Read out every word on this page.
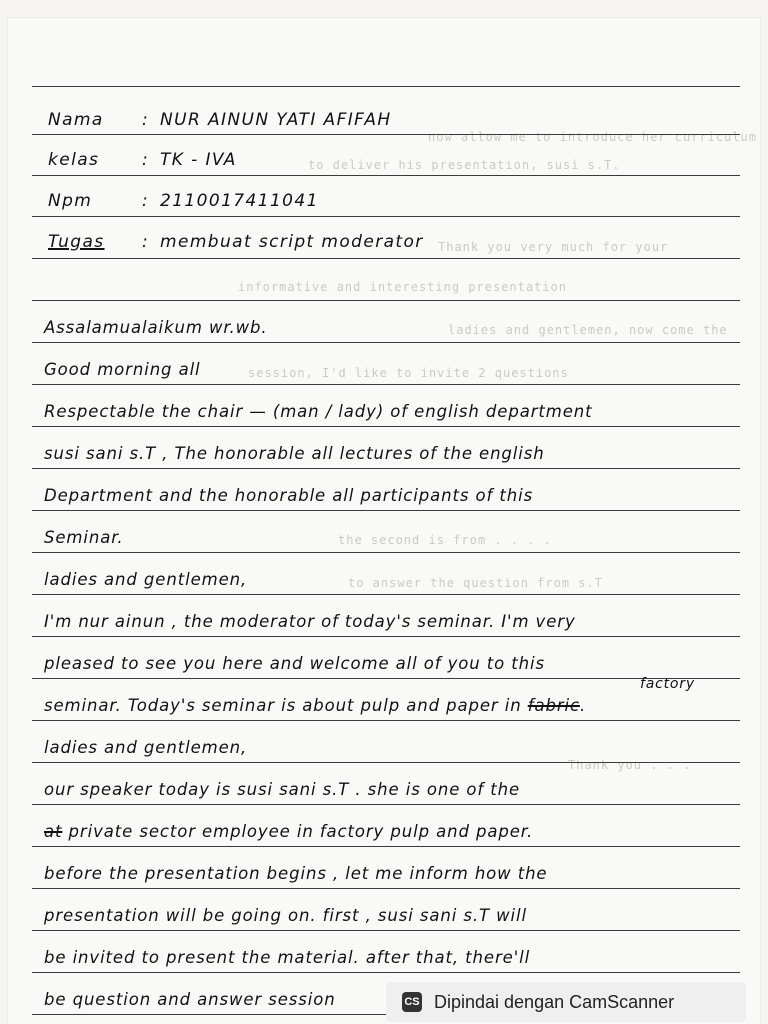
now allow me to introduce her curriculum
to deliver his presentation, susi s.T.
Thank you very much for your
informative and interesting presentation
ladies and gentlemen, now come the
session, I'd like to invite 2 questions
the second is from . . . .
to answer the question from s.T
Thank you . . .
Nama : NUR AINUN YATI AFIFAH
kelas	: TK - IVA
Npm	: 2110017411041
Tugas : membuat script moderator
Assalamualaikum wr.wb.
Good morning all
Respectable the chair — (man / lady) of english department
susi sani s.T , The honorable all lectures of the english
Department and the honorable all participants of this
Seminar.
ladies and gentlemen,
I'm nur ainun , the moderator of today's seminar. I'm very
pleased to see you here and welcome all of you to this
seminar. Today's seminar is about pulp and paper in fabric.
factory
ladies and gentlemen,
our speaker today is susi sani s.T . she is one of the
at private sector employee in factory pulp and paper.
before the presentation begins , let me inform how the
presentation will be going on. first , susi sani s.T will
be invited to present the material. after that, there'll
be question and answer session	CS Dipindai dengan CamScanner
